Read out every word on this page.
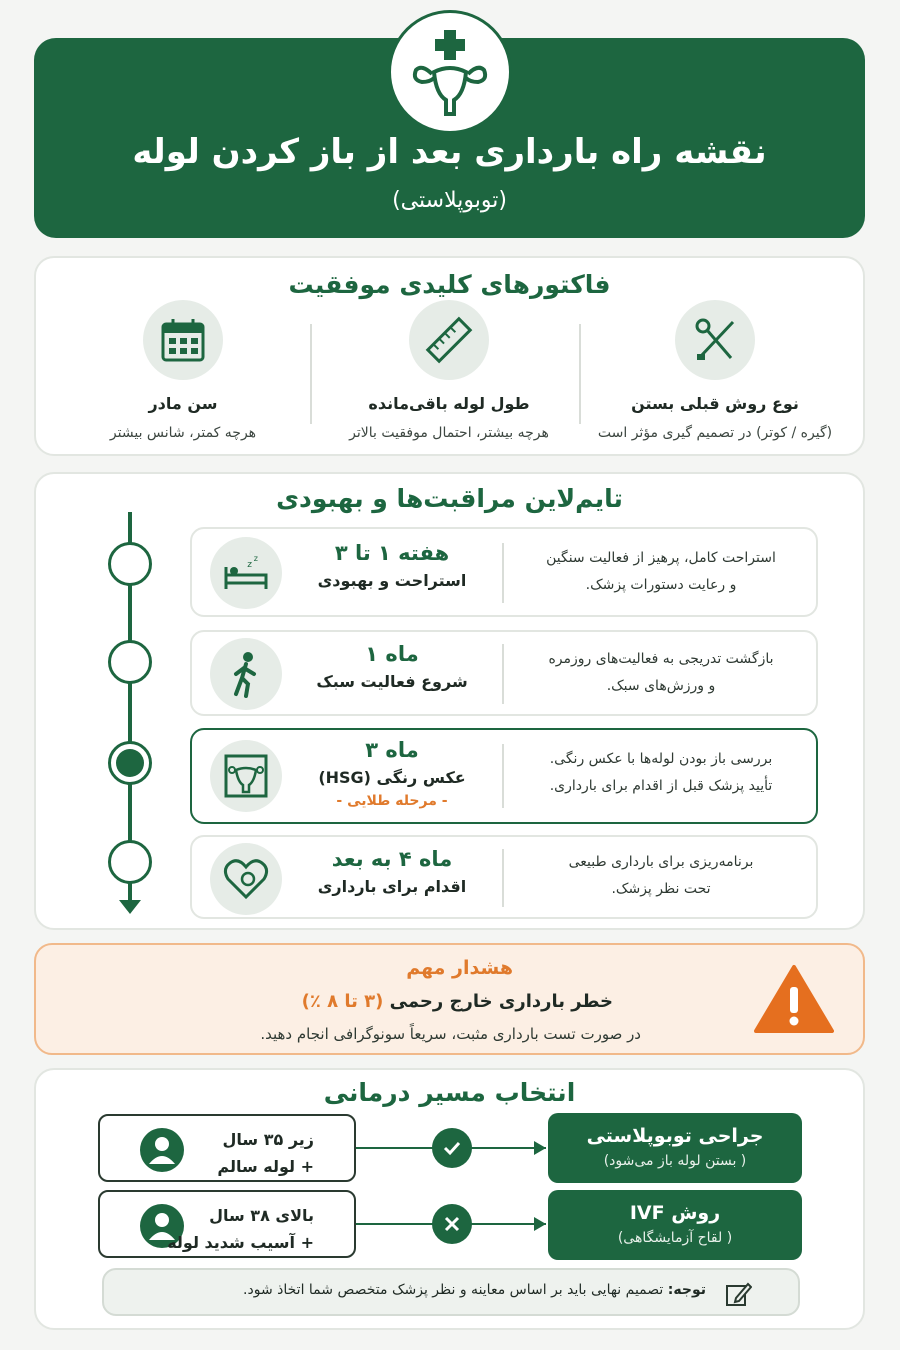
نقشه راه بارداری بعد از باز کردن لوله
(توبوپلاستی)
فاکتورهای کلیدی موفقیت
نوع روش قبلی بستن
(گیره / کوتر) در تصمیم گیری مؤثر است
طول لوله باقی‌مانده
هرچه بیشتر، احتمال موفقیت بالاتر
سن مادر
هرچه کمتر، شانس بیشتر
تایم‌لاین مراقبت‌ها و بهبودی
z
z	هفته ۱ تا ۳
استراحت و بهبودی
استراحت کامل، پرهیز از فعالیت سنگین
و رعایت دستورات پزشک.
ماه ۱
شروع فعالیت سبک
بازگشت تدریجی به فعالیت‌های روزمره
و ورزش‌های سبک.
ماه ۳
عکس رنگی (HSG)
- مرحله طلایی -
بررسی باز بودن لوله‌ها با عکس رنگی.
تأیید پزشک قبل از اقدام برای بارداری.
ماه ۴ به بعد
اقدام برای بارداری
برنامه‌ریزی برای بارداری طبیعی
تحت نظر پزشک.
هشدار مهم
خطر بارداری خارج رحمی (۳ تا ۸ ٪)
در صورت تست بارداری مثبت، سریعاً سونوگرافی انجام دهید.
انتخاب مسیر درمانی
زیر ۳۵ سال
+ لوله سالم
جراحی توبوپلاستی
( بستن لوله باز می‌شود)
بالای ۳۸ سال
+ آسیب شدید لوله
روش IVF
( لقاح آزمایشگاهی)
توجه: تصمیم نهایی باید بر اساس معاینه و نظر پزشک متخصص شما اتخاذ شود.
